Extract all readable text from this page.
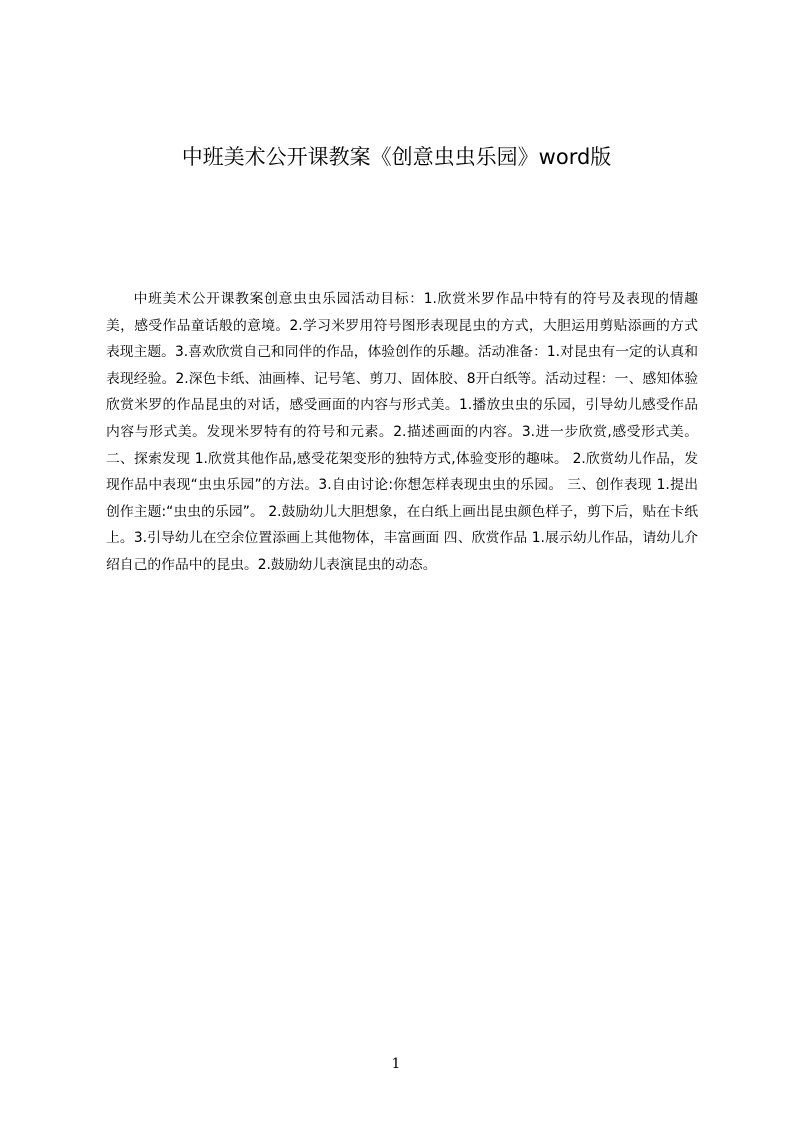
中班美术公开课教案《创意虫虫乐园》word版

中班美术公开课教案创意虫虫乐园活动目标：1.欣赏米罗作品中特有的符号及表现的情趣美，感受作品童话般的意境。2.学习米罗用符号图形表现昆虫的方式，大胆运用剪贴添画的方式表现主题。3.喜欢欣赏自己和同伴的作品，体验创作的乐趣。活动准备：1.对昆虫有一定的认真和表现经验。2.深色卡纸、油画棒、记号笔、剪刀、固体胶、8开白纸等。活动过程：一、感知体验欣赏米罗的作品昆虫的对话，感受画面的内容与形式美。1.播放虫虫的乐园，引导幼儿感受作品内容与形式美。发现米罗特有的符号和元素。2.描述画面的内容。3.进一步欣赏,感受形式美。 二、探索发现 1.欣赏其他作品,感受花架变形的独特方式,体验变形的趣味。 2.欣赏幼儿作品，发现作品中表现“虫虫乐园”的方法。3.自由讨论:你想怎样表现虫虫的乐园。 三、创作表现 1.提出创作主题:“虫虫的乐园”。 2.鼓励幼儿大胆想象，在白纸上画出昆虫颜色样子，剪下后，贴在卡纸上。3.引导幼儿在空余位置添画上其他物体，丰富画面 四、欣赏作品 1.展示幼儿作品，请幼儿介绍自己的作品中的昆虫。2.鼓励幼儿表演昆虫的动态。

1
